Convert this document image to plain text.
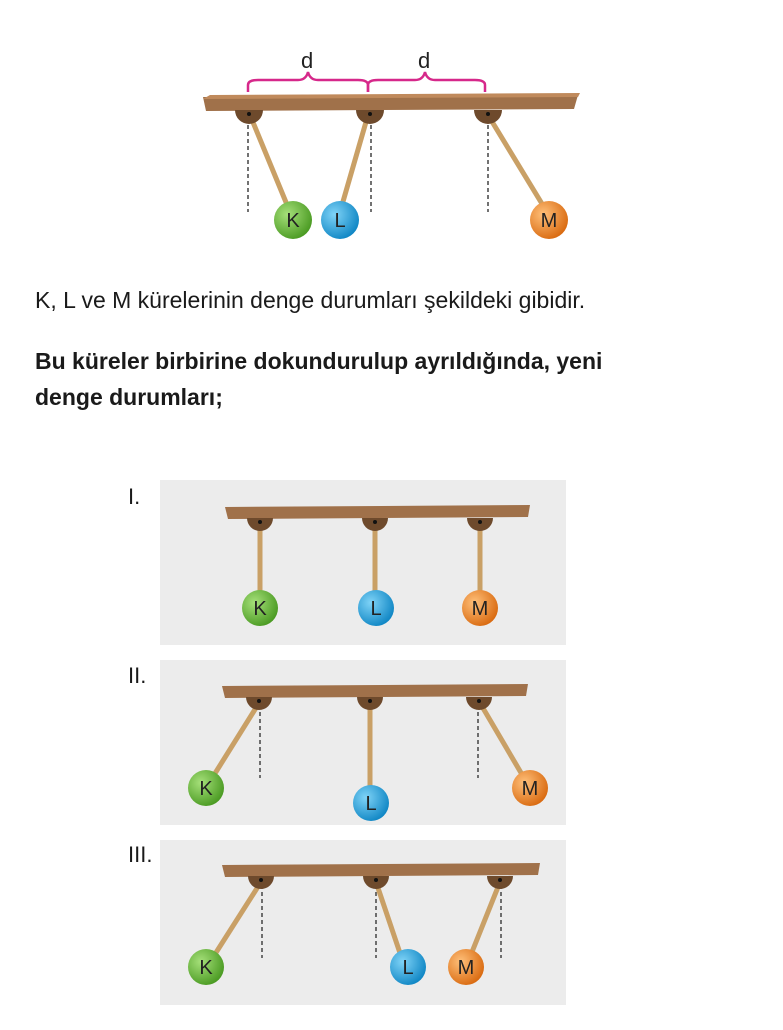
d	d
K L	M
K, L ve M kürelerinin denge durumları şekildeki gibidir.
Bu küreler birbirine dokundurulup ayrıldığında, yeni
denge durumları;
I.
II.
III.
K	L	M
K
L
M
K	L M
